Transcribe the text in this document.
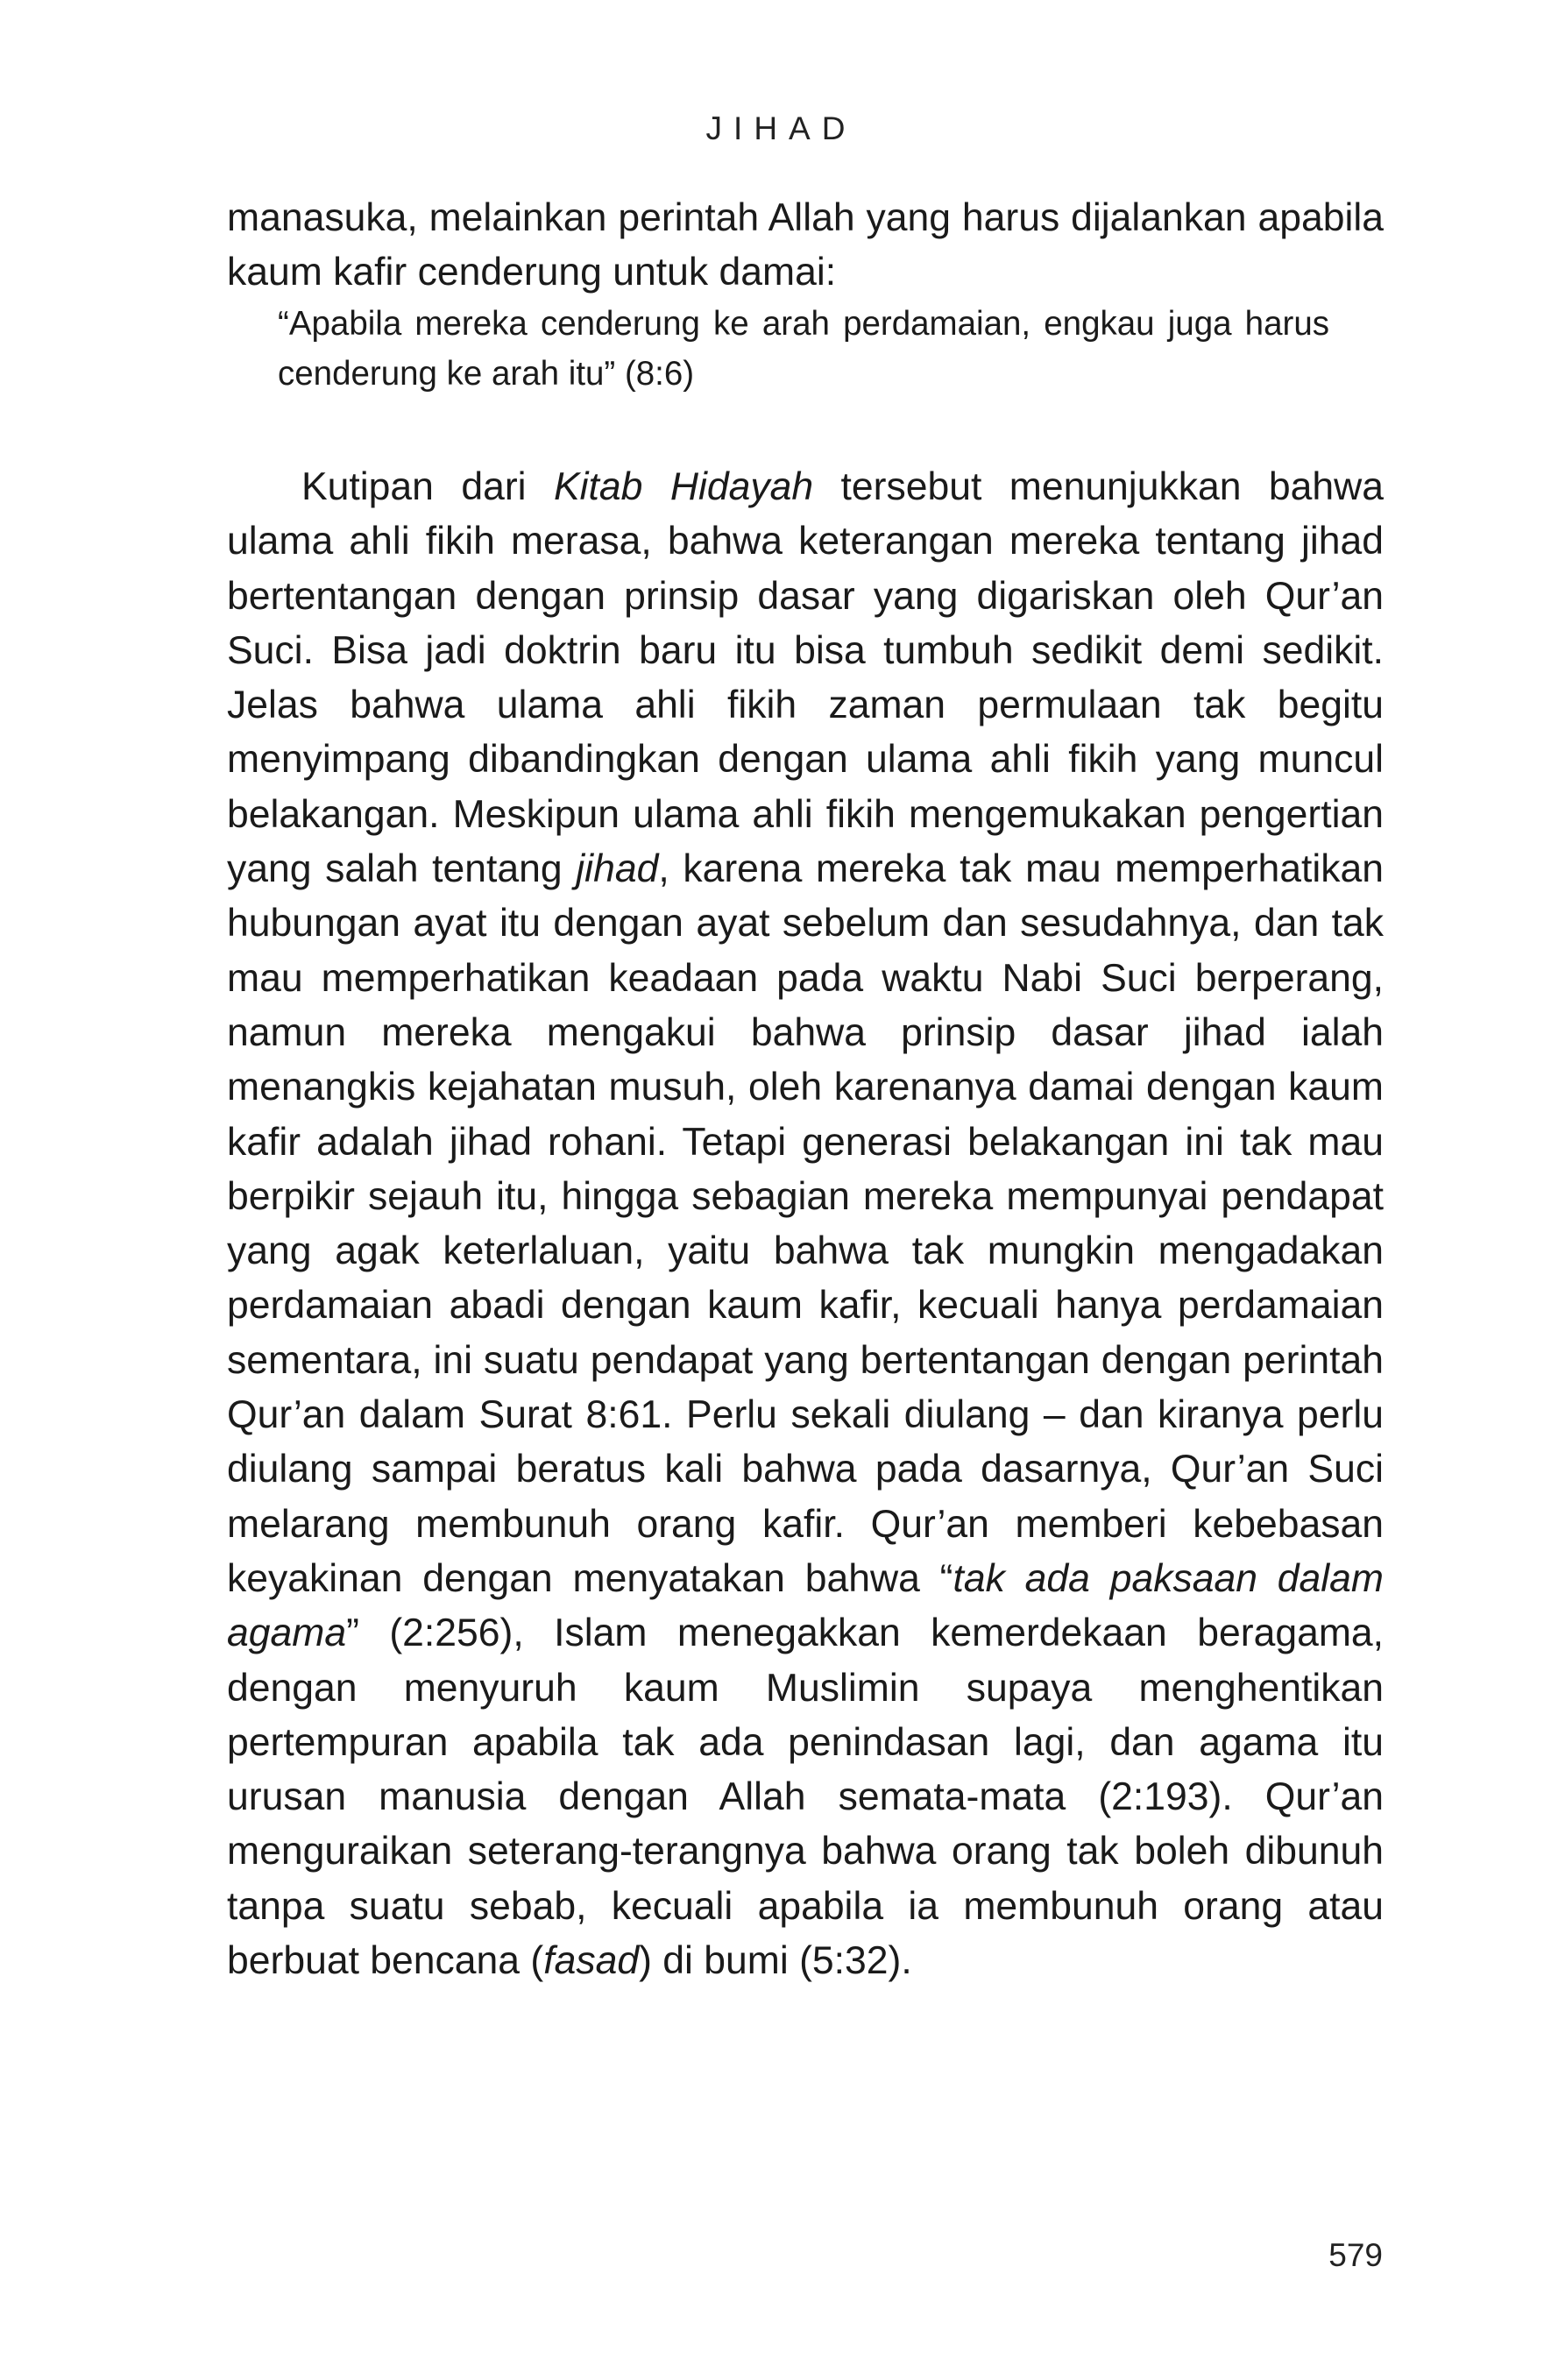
JIHAD

manasuka, melainkan perintah Allah yang harus dijalankan apabila kaum kafir cenderung untuk damai:

“Apabila mereka cenderung ke arah perdamaian, engkau juga harus cenderung ke arah itu” (8:6)

Kutipan dari Kitab Hidayah tersebut menunjukkan bahwa ulama ahli fikih merasa, bahwa keterangan mereka tentang jihad bertentangan dengan prinsip dasar yang digariskan oleh Qur’an Suci. Bisa jadi doktrin baru itu bisa tumbuh sedikit demi sedikit. Jelas bahwa ulama ahli fikih zaman permulaan tak begitu menyimpang dibandingkan dengan ulama ahli fikih yang muncul belakangan. Meskipun ulama ahli fikih mengemukakan pengertian yang salah tentang jihad, karena mereka tak mau memperhatikan hubungan ayat itu dengan ayat sebelum dan sesudahnya, dan tak mau memperhatikan keadaan pada waktu Nabi Suci berperang, namun mereka mengakui bahwa prinsip dasar jihad ialah menangkis kejahatan musuh, oleh karenanya damai dengan kaum kafir adalah jihad rohani. Tetapi generasi belakangan ini tak mau berpikir sejauh itu, hingga sebagian mereka mempunyai pendapat yang agak keterlaluan, yaitu bahwa tak mungkin mengadakan perdamaian abadi dengan kaum kafir, kecuali hanya perdamaian sementara, ini suatu pendapat yang bertentangan dengan perintah Qur’an dalam Surat 8:61. Perlu sekali diulang – dan kiranya perlu diulang sampai beratus kali bahwa pada dasarnya, Qur’an Suci melarang membunuh orang kafir. Qur’an memberi kebebasan keyakinan dengan menyatakan bahwa “tak ada paksaan dalam agama” (2:256), Islam menegakkan kemerdekaan beragama, dengan menyuruh kaum Muslimin supaya menghentikan pertempuran apabila tak ada penindasan lagi, dan agama itu urusan manusia dengan Allah semata-mata (2:193). Qur’an menguraikan seterang-terangnya bahwa orang tak boleh dibunuh tanpa suatu sebab, kecuali apabila ia membunuh orang atau berbuat bencana (fasad) di bumi (5:32).

579
